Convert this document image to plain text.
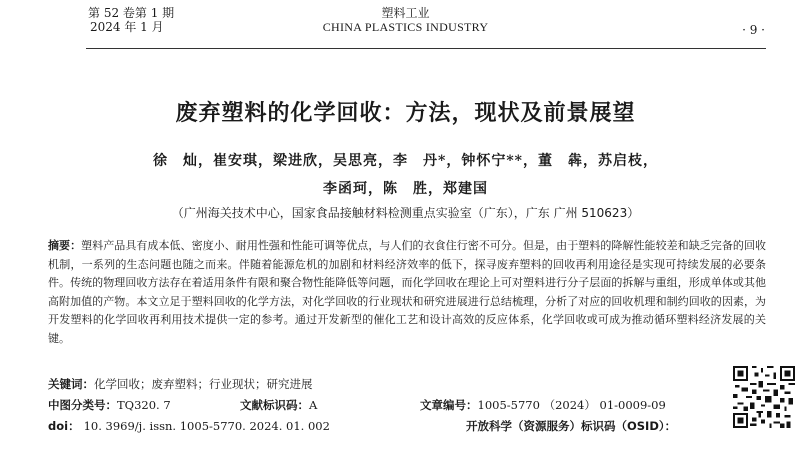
第 52 卷第 1 期
2024 年 1 月
塑料工业
CHINA PLASTICS INDUSTRY	· 9 ·
废弃塑料的化学回收：方法，现状及前景展望
徐　灿，崔安琪，梁进欣，吴思亮，李　丹*，钟怀宁**，董　犇，苏启枝，
李函珂，陈　胜，郑建国
（广州海关技术中心，国家食品接触材料检测重点实验室（广东），广东 广州 510623）
摘要：塑料产品具有成本低、密度小、耐用性强和性能可调等优点，与人们的衣食住行密不可分。但是，由于塑料的降解性能较差和缺乏完备的回收机制，一系列的生态问题也随之而来。伴随着能源危机的加剧和材料经济效率的低下，探寻废弃塑料的回收再利用途径是实现可持续发展的必要条件。传统的物理回收方法存在着适用条件有限和聚合物性能降低等问题，而化学回收在理论上可对塑料进行分子层面的拆解与重组，形成单体或其他高附加值的产物。本文立足于塑料回收的化学方法，对化学回收的行业现状和研究进展进行总结梳理，分析了对应的回收机理和制约回收的因素，为开发塑料的化学回收再利用技术提供一定的参考。通过开发新型的催化工艺和设计高效的反应体系，化学回收或可成为推动循环塑料经济发展的关键。
关键词：化学回收；废弃塑料；行业现状；研究进展
中图分类号：TQ320. 7	文献标识码：A	文章编号：1005-5770 （2024） 01-0009-09
doi： 10. 3969/j. issn. 1005-5770. 2024. 01. 002	开放科学（资源服务）标识码（OSID）：
